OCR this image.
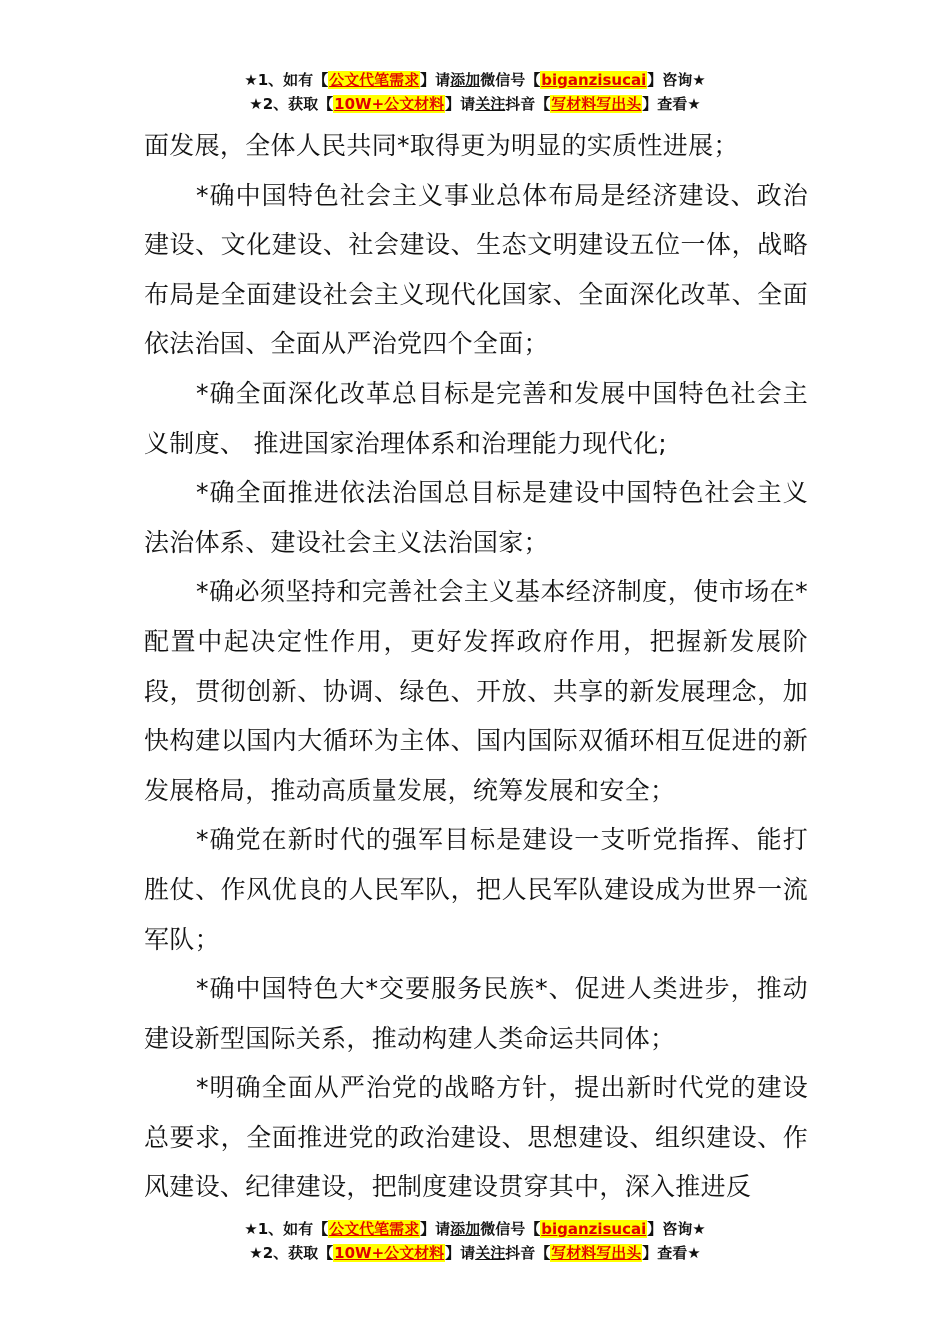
★1、如有【公文代笔需求】请添加微信号【biganzisucai】咨询★
★2、获取【10W+公文材料】请关注抖音【写材料写出头】查看★

面发展，全体人民共同*取得更为明显的实质性进展；

*确中国特色社会主义事业总体布局是经济建设、政治建设、文化建设、社会建设、生态文明建设五位一体，战略布局是全面建设社会主义现代化国家、全面深化改革、全面依法治国、全面从严治党四个全面；

*确全面深化改革总目标是完善和发展中国特色社会主义制度、 推进国家治理体系和治理能力现代化;

*确全面推进依法治国总目标是建设中国特色社会主义法治体系、建设社会主义法治国家；

*确必须坚持和完善社会主义基本经济制度，使市场在*配置中起决定性作用，更好发挥政府作用，把握新发展阶段，贯彻创新、协调、绿色、开放、共享的新发展理念，加快构建以国内大循环为主体、国内国际双循环相互促进的新发展格局，推动高质量发展，统筹发展和安全；

*确党在新时代的强军目标是建设一支听党指挥、能打胜仗、作风优良的人民军队，把人民军队建设成为世界一流军队；

*确中国特色大*交要服务民族*、促进人类进步，推动建设新型国际关系，推动构建人类命运共同体；

*明确全面从严治党的战略方针，提出新时代党的建设总要求，全面推进党的政治建设、思想建设、组织建设、作风建设、纪律建设，把制度建设贯穿其中，深入推进反

★1、如有【公文代笔需求】请添加微信号【biganzisucai】咨询★
★2、获取【10W+公文材料】请关注抖音【写材料写出头】查看★
